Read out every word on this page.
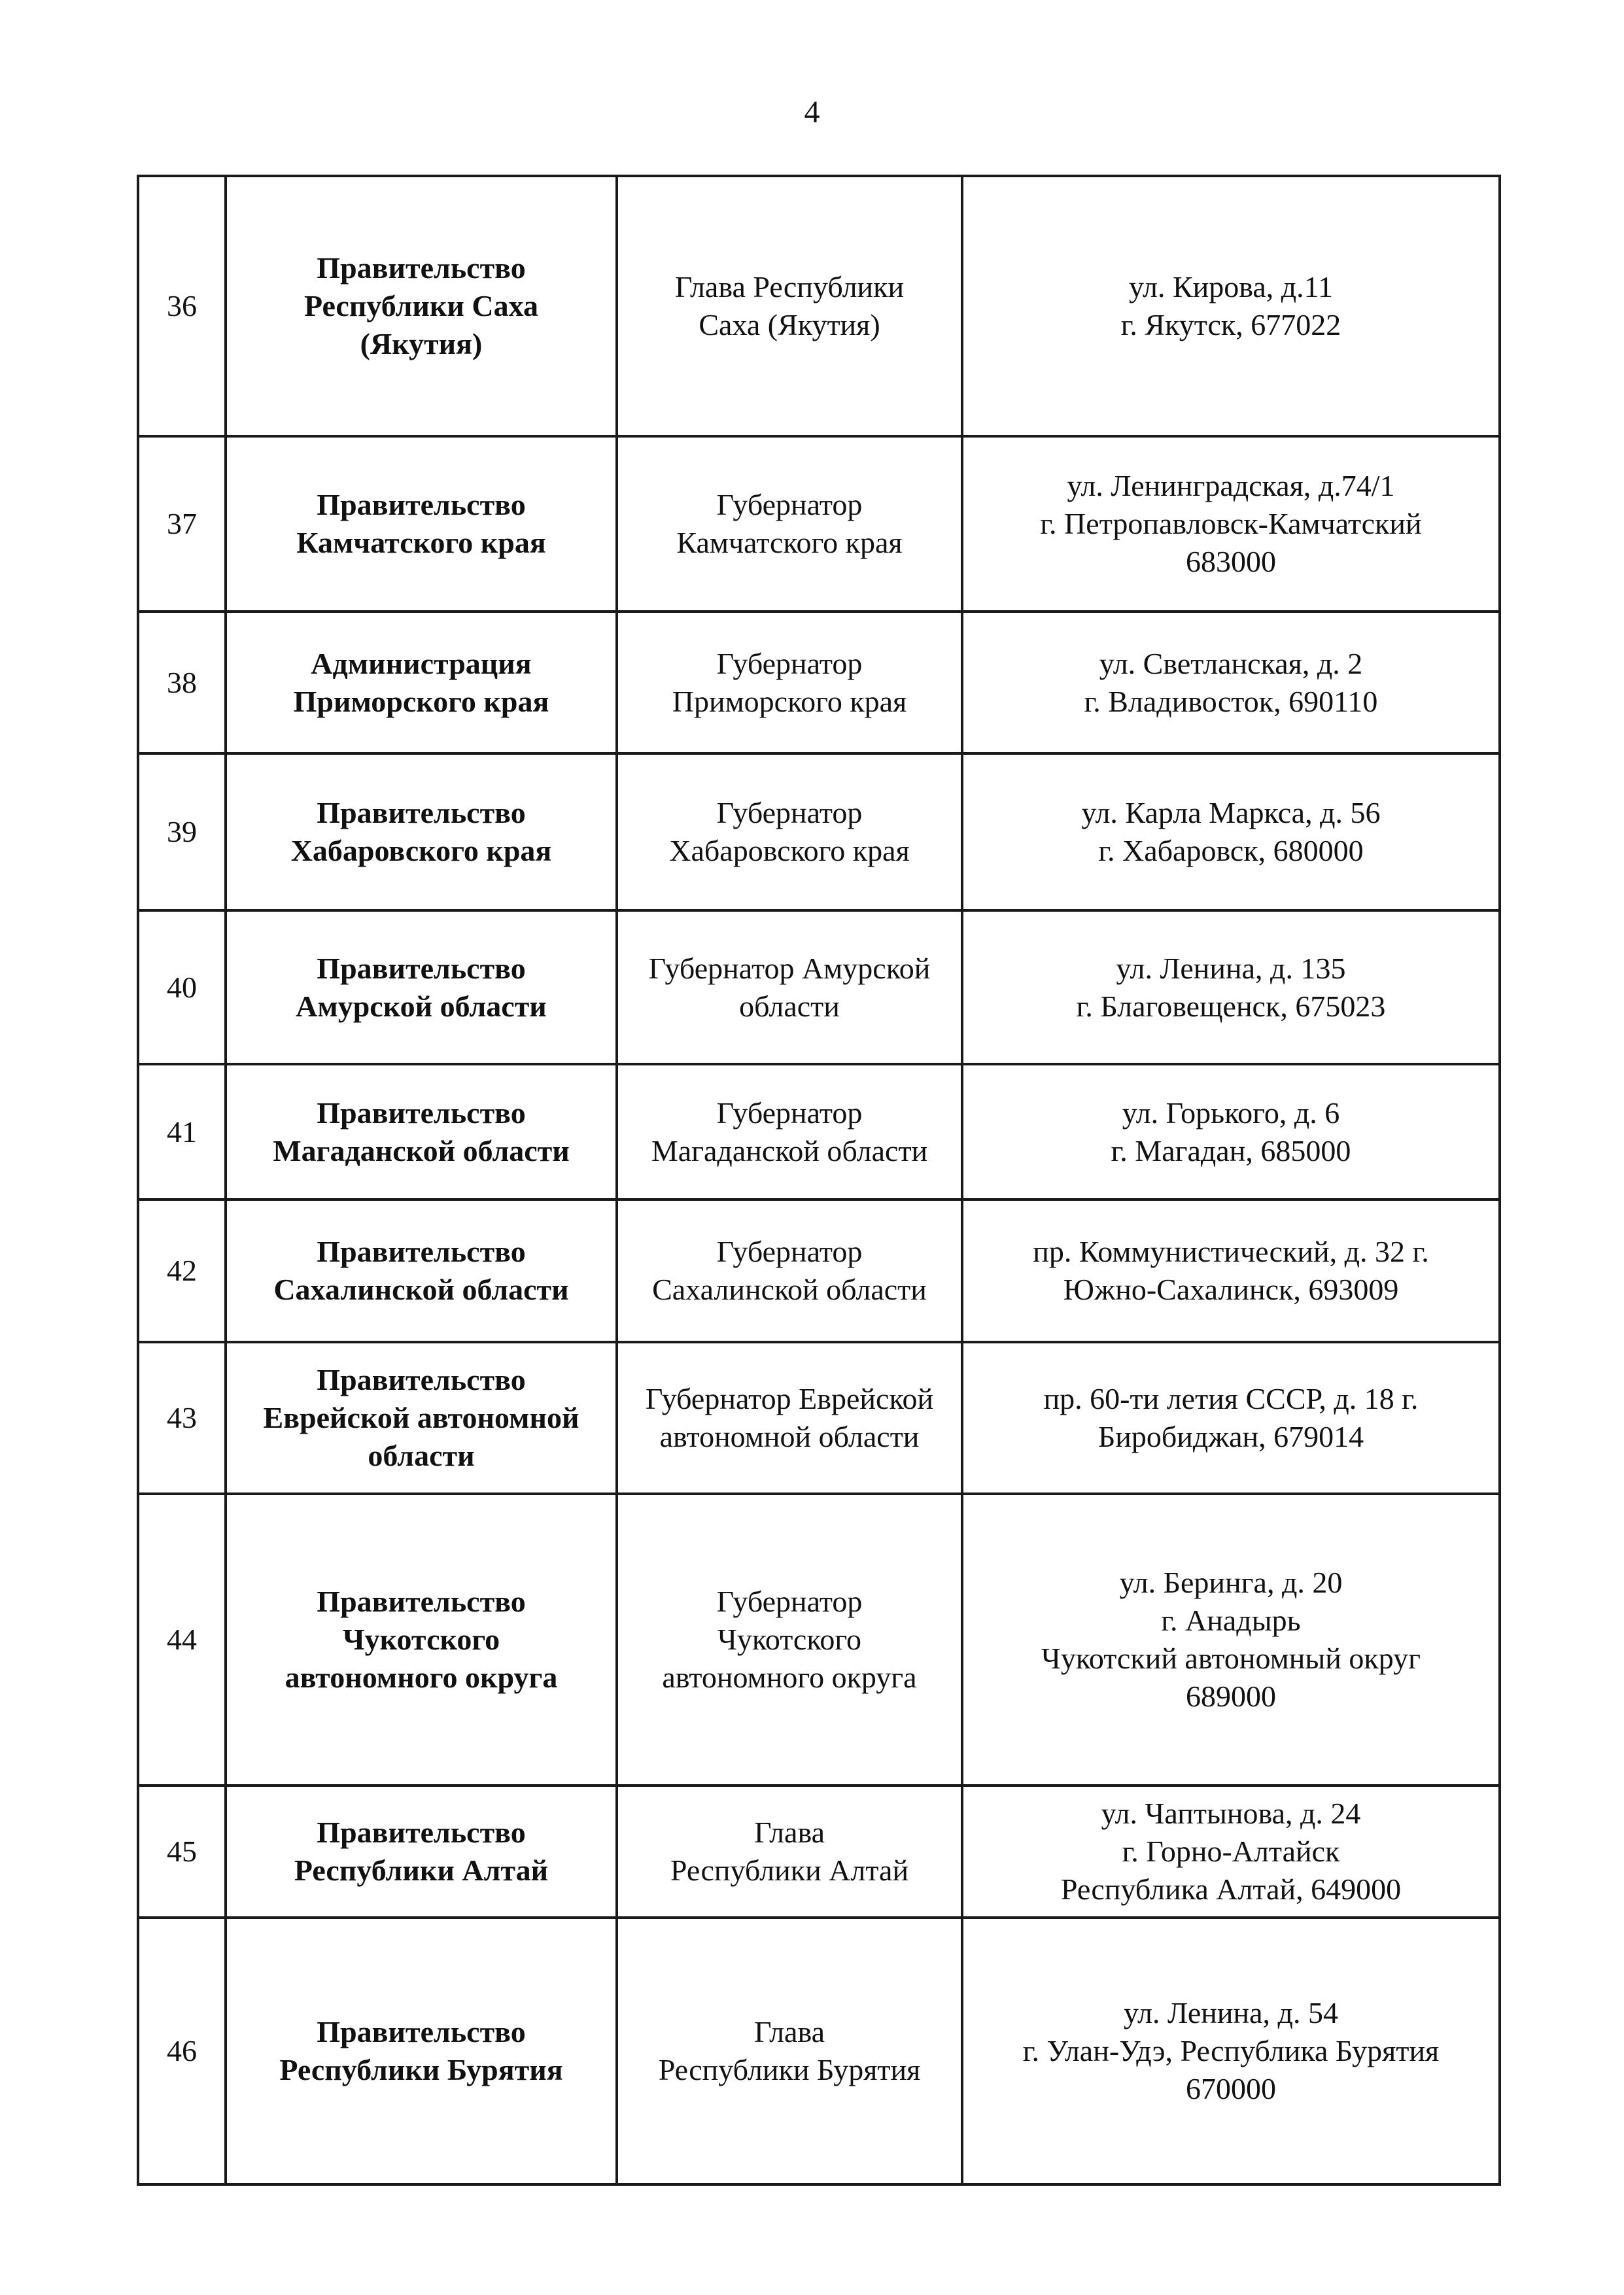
4
36	Правительство
Республики Саха
(Якутия)	Глава Республики
Саха (Якутия)	ул. Кирова, д.11
г. Якутск, 677022

37	Правительство
Камчатского края	Губернатор
Камчатского края	ул. Ленинградская, д.74/1
г. Петропавловск-Камчатский
683000

38	Администрация
Приморского края	Губернатор
Приморского края	ул. Светланская, д. 2
г. Владивосток, 690110

39	Правительство
Хабаровского края	Губернатор
Хабаровского края	ул. Карла Маркса, д. 56
г. Хабаровск, 680000

40	Правительство
Амурской области	Губернатор Амурской
области	ул. Ленина, д. 135
г. Благовещенск, 675023

41	Правительство
Магаданской области	Губернатор
Магаданской области	ул. Горького, д. 6
г. Магадан, 685000

42	Правительство
Сахалинской области	Губернатор
Сахалинской области	пр. Коммунистический, д. 32 г.
Южно-Сахалинск, 693009

43	Правительство
Еврейской автономной
области	Губернатор Еврейской
автономной области	пр. 60-ти летия СССР, д. 18 г.
Биробиджан, 679014

44	Правительство
Чукотского
автономного округа	Губернатор
Чукотского
автономного округа	ул. Беринга, д. 20
г. Анадырь
Чукотский автономный округ
689000

45	Правительство
Республики Алтай	Глава
Республики Алтай	ул. Чаптынова, д. 24
г. Горно-Алтайск
Республика Алтай, 649000

46	Правительство
Республики Бурятия	Глава
Республики Бурятия	ул. Ленина, д. 54
г. Улан-Удэ, Республика Бурятия
670000
